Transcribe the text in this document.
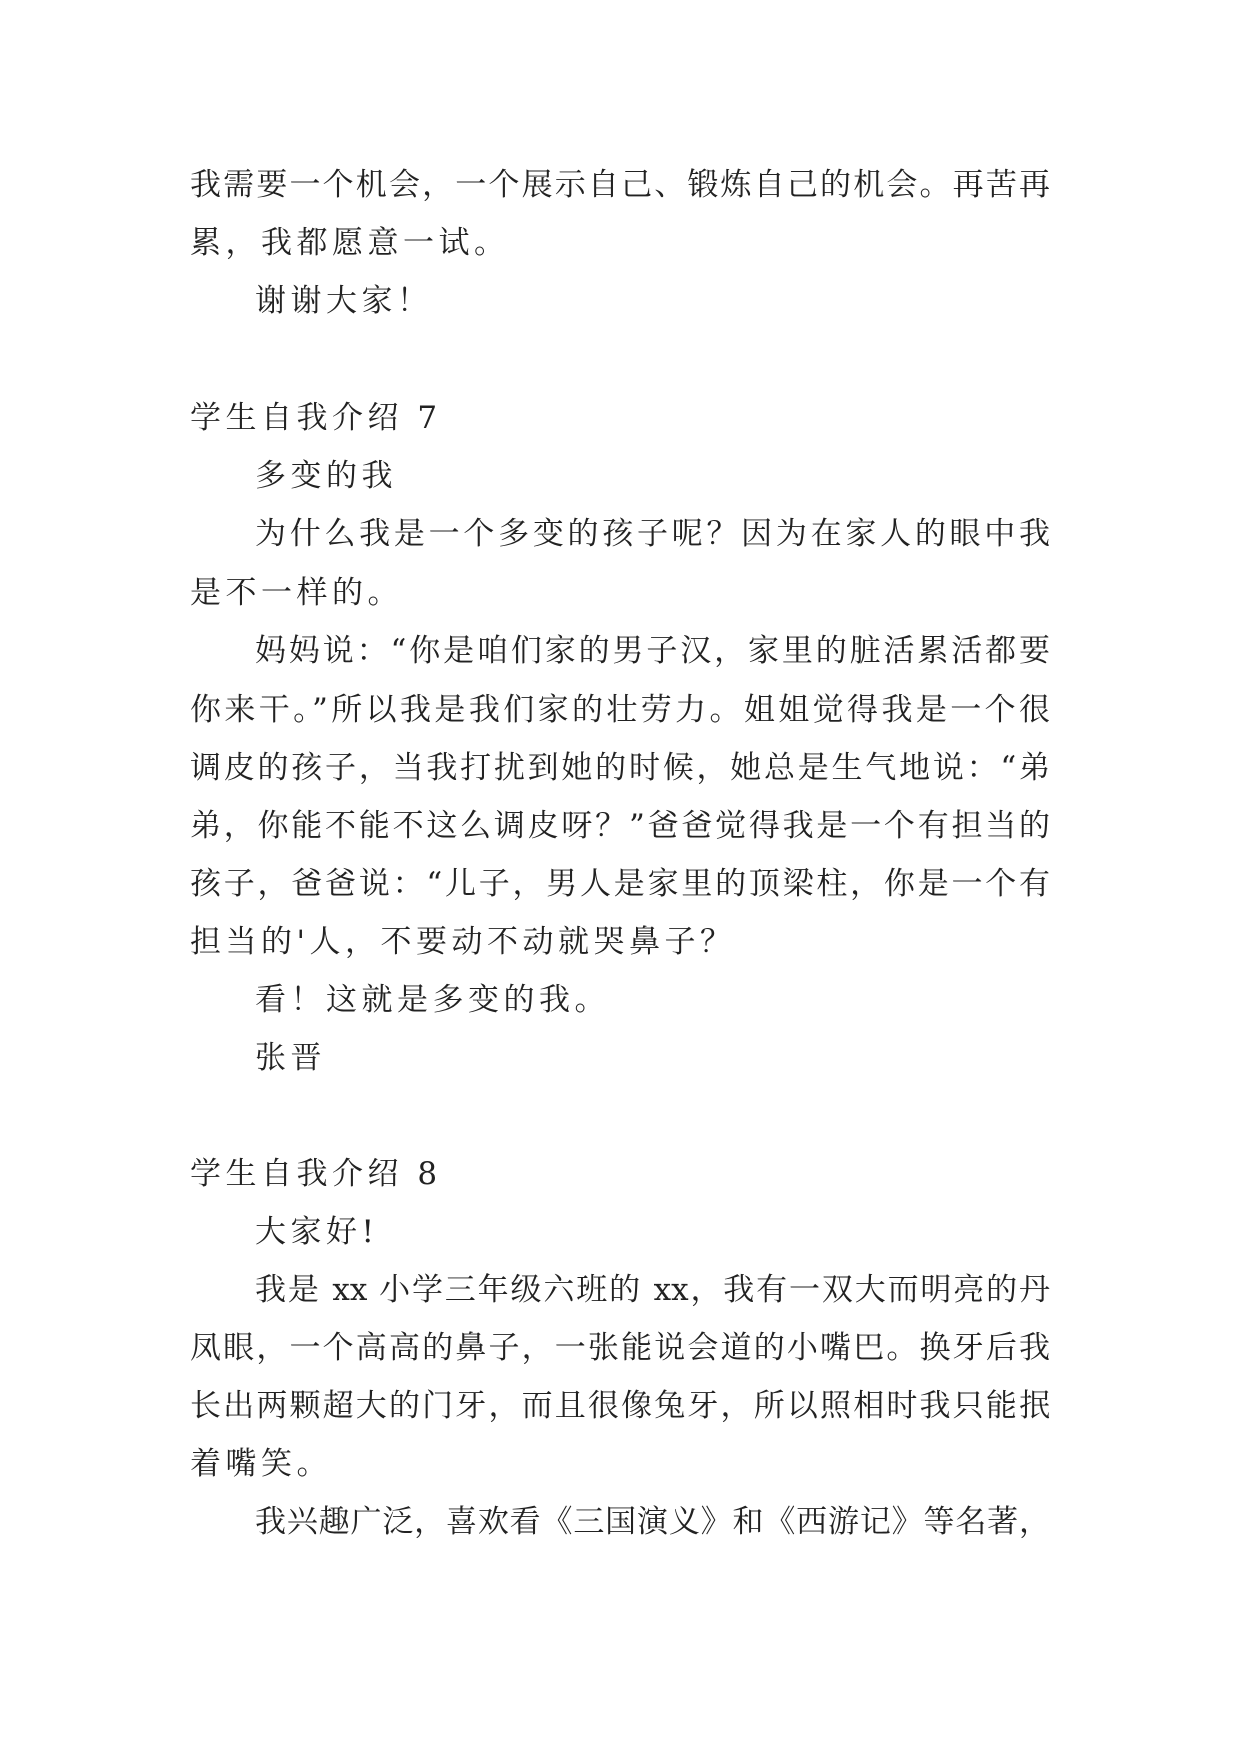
我需要一个机会，一个展示自己、锻炼自己的机会。再苦再
累，我都愿意一试。
谢谢大家！
学生自我介绍 7
多变的我
为什么我是一个多变的孩子呢？因为在家人的眼中我
是不一样的。
妈妈说：“你是咱们家的男子汉，家里的脏活累活都要
你来干。”所以我是我们家的壮劳力。姐姐觉得我是一个很
调皮的孩子，当我打扰到她的时候，她总是生气地说：“弟
弟，你能不能不这么调皮呀？”爸爸觉得我是一个有担当的
孩子，爸爸说：“儿子，男人是家里的顶梁柱，你是一个有
担当的'人，不要动不动就哭鼻子？
看！这就是多变的我。
张晋
学生自我介绍 8
大家好!
我是 xx 小学三年级六班的 xx，我有一双大而明亮的丹
凤眼，一个高高的鼻子，一张能说会道的小嘴巴。换牙后我
长出两颗超大的门牙，而且很像兔牙，所以照相时我只能抿
着嘴笑。
我兴趣广泛，喜欢看《三国演义》和《西游记》等名著，
